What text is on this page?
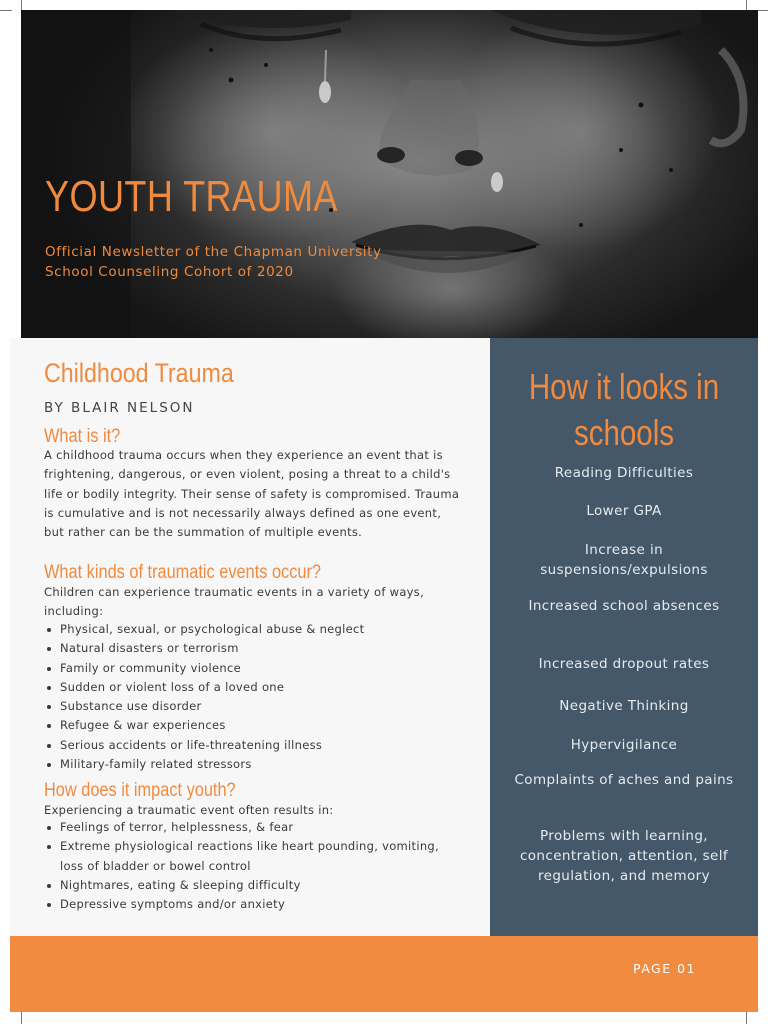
YOUTH TRAUMA
Official Newsletter of the Chapman University
School Counseling Cohort of 2020
Childhood Trauma
BY BLAIR NELSON
What is it?

A childhood trauma occurs when they experience an event that is frightening, dangerous, or even violent, posing a threat to a child's life or bodily integrity. Their sense of safety is compromised. Trauma is cumulative and is not necessarily always defined as one event, but rather can be the summation of multiple events.

What kinds of traumatic events occur?

Children can experience traumatic events in a variety of ways, including:

Physical, sexual, or psychological abuse & neglect
Natural disasters or terrorism
Family or community violence
Sudden or violent loss of a loved one
Substance use disorder
Refugee & war experiences
Serious accidents or life-threatening illness
Military-family related stressors
How does it impact youth?

Experiencing a traumatic event often results in:

Feelings of terror, helplessness, & fear
Extreme physiological reactions like heart pounding, vomiting, loss of bladder or bowel control
Nightmares, eating & sleeping difficulty
Depressive symptoms and/or anxiety
How it looks in schools
Reading Difficulties
Lower GPA
Increase in suspensions/expulsions
Increased school absences
Increased dropout rates
Negative Thinking
Hypervigilance
Complaints of aches and pains
Problems with learning, concentration, attention, self regulation, and memory
PAGE 01
